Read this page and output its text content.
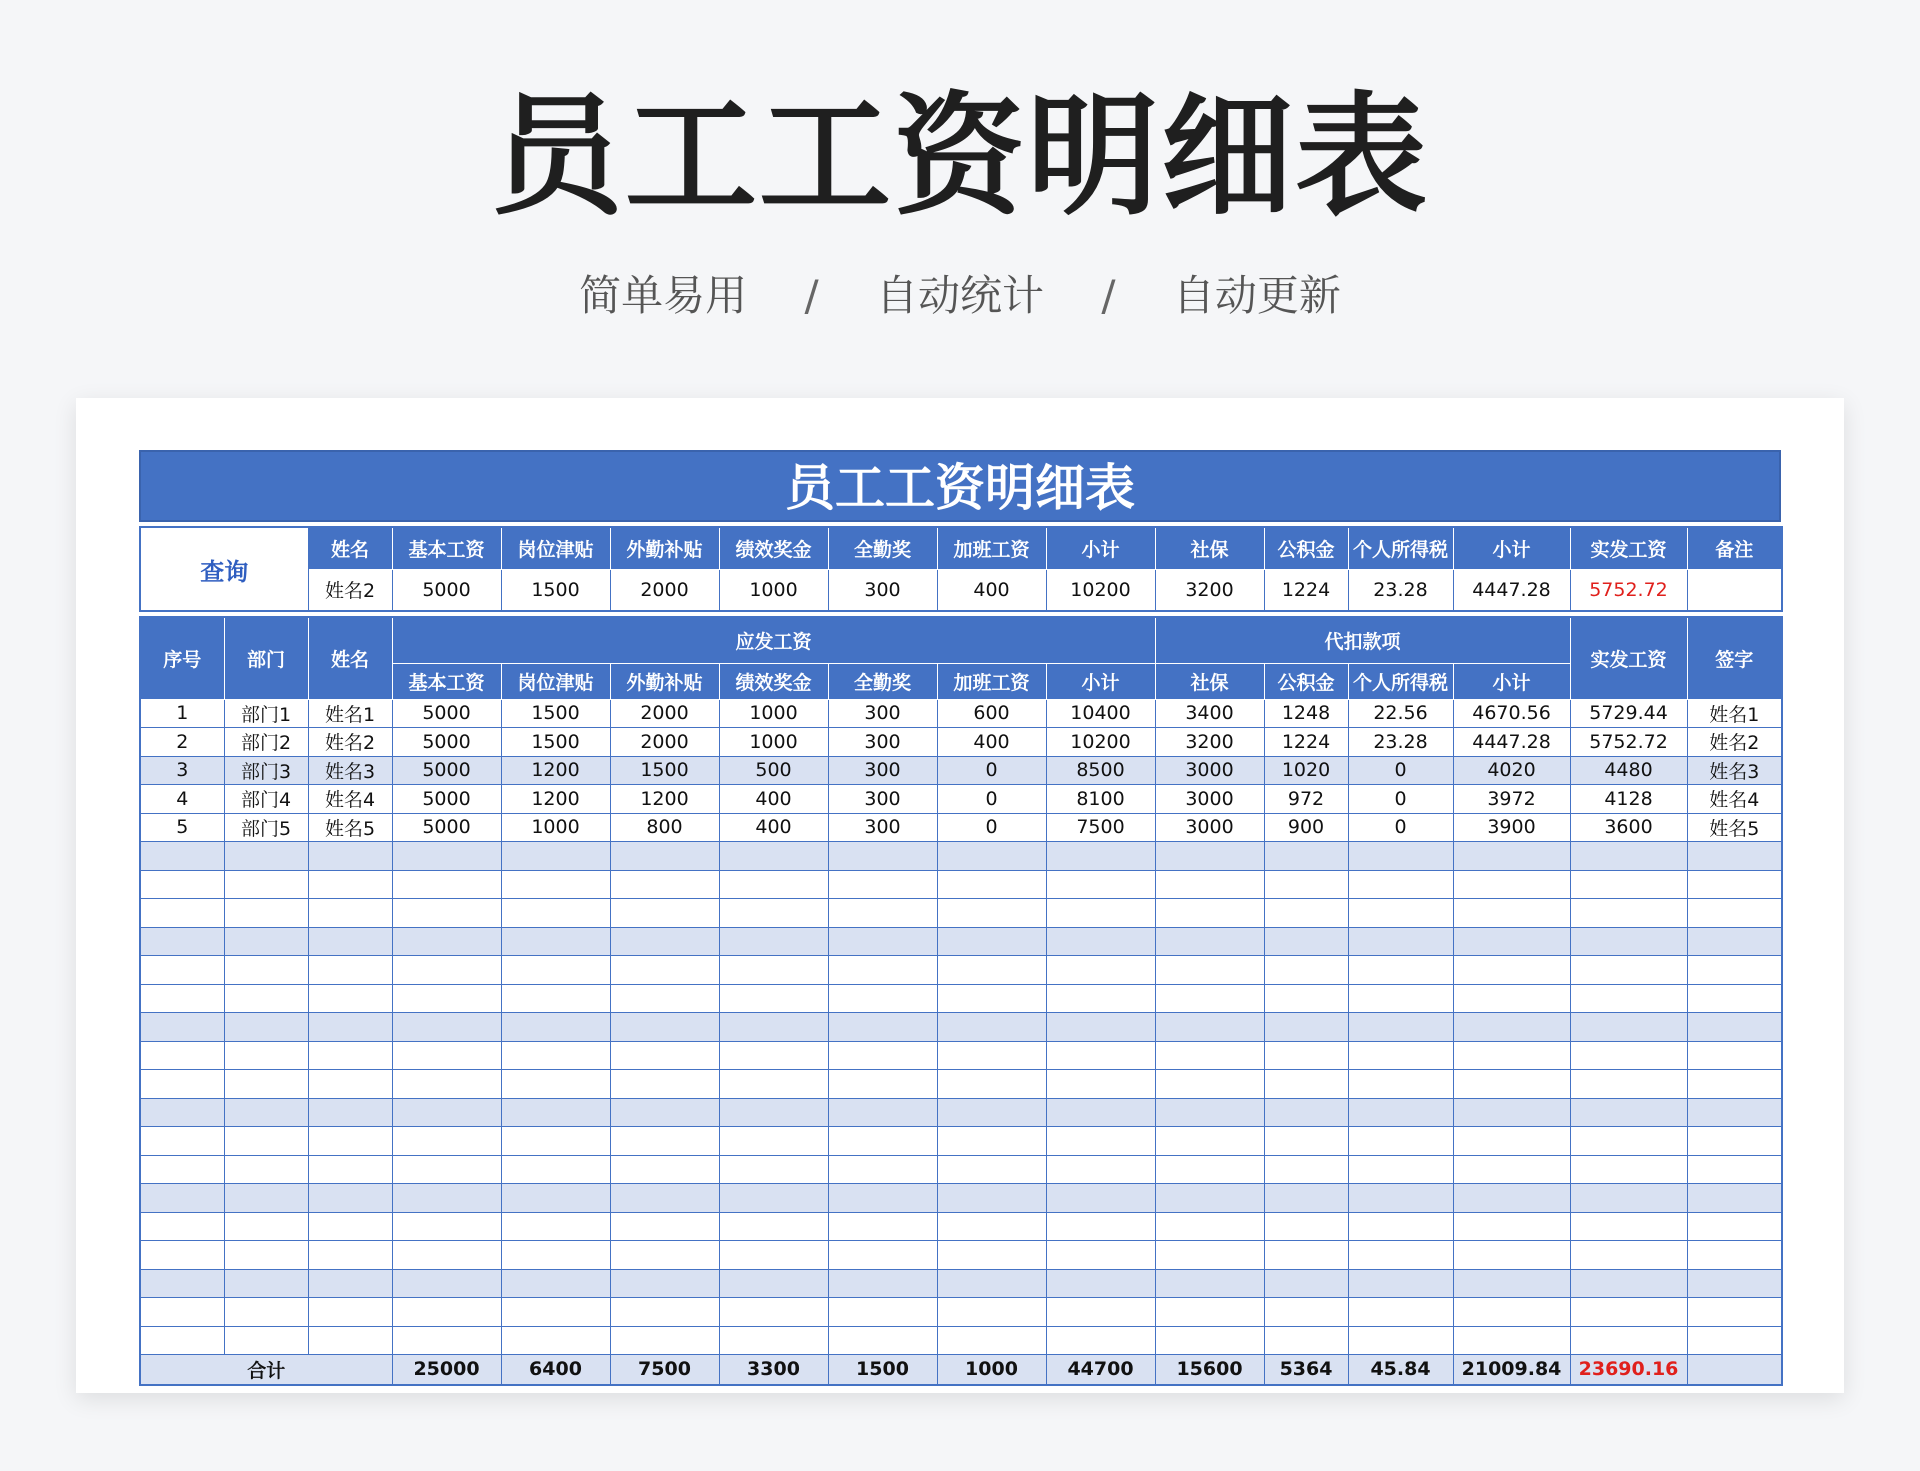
员工工资明细表
简单易用 / 自动统计 / 自动更新
员工工资明细表
查询	姓名	基本工资	岗位津贴	外勤补贴	绩效奖金	全勤奖	加班工资	小计	社保	公积金	个人所得税	小计	实发工资	备注
	姓名2	5000	1500	2000	1000	300	400	10200	3200	1224	23.28	4447.28	5752.72	
序号	部门	姓名	应发工资							代扣款项				实发工资	签字
			基本工资	岗位津贴	外勤补贴	绩效奖金	全勤奖	加班工资	小计	社保	公积金	个人所得税	小计		
1	部门1	姓名1	5000	1500	2000	1000	300	600	10400	3400	1248	22.56	4670.56	5729.44	姓名1
2	部门2	姓名2	5000	1500	2000	1000	300	400	10200	3200	1224	23.28	4447.28	5752.72	姓名2
3	部门3	姓名3	5000	1200	1500	500	300	0	8500	3000	1020	0	4020	4480	姓名3
4	部门4	姓名4	5000	1200	1200	400	300	0	8100	3000	972	0	3972	4128	姓名4
5	部门5	姓名5	5000	1000	800	400	300	0	7500	3000	900	0	3900	3600	姓名5

合计			25000	6400	7500	3300	1500	1000	44700	15600	5364	45.84	21009.84	23690.16	
